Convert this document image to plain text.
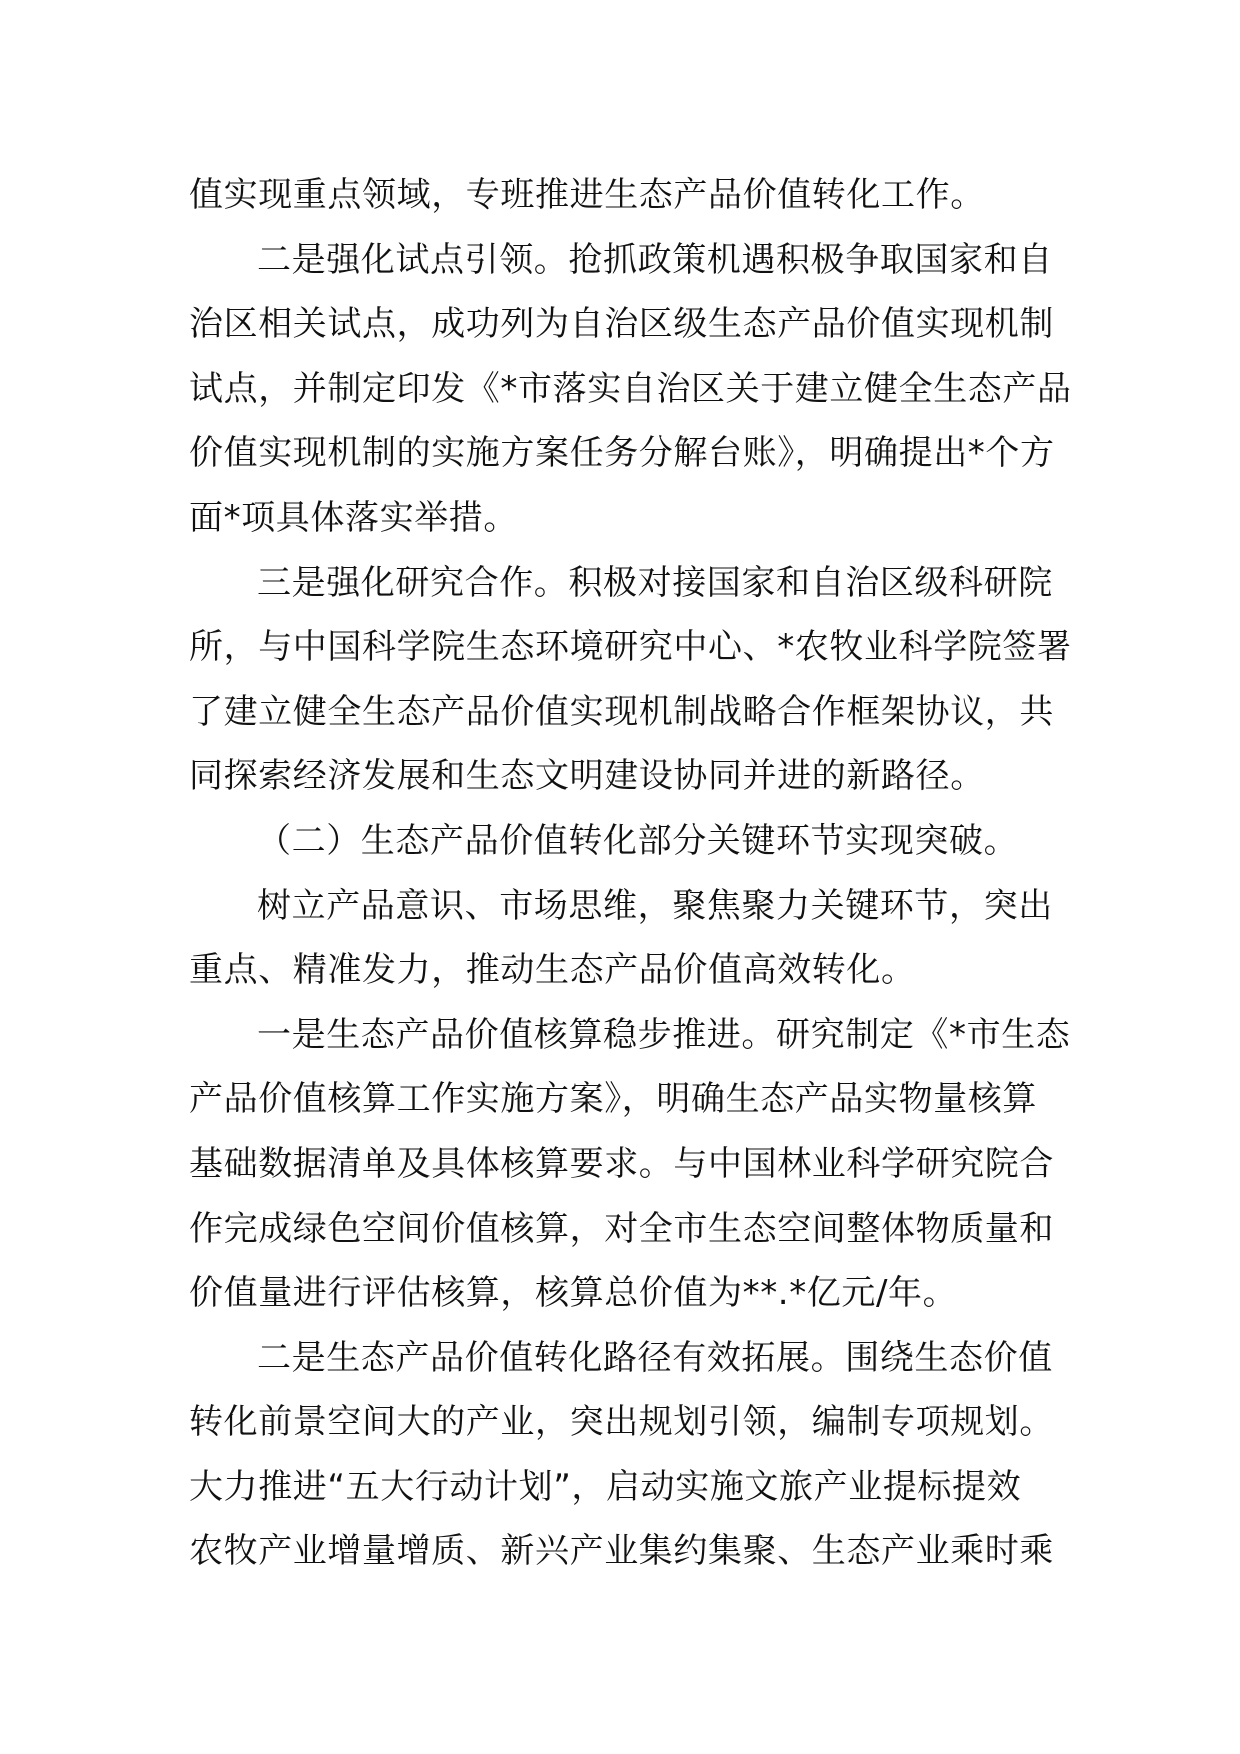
值实现重点领域，专班推进生态产品价值转化工作。
二是强化试点引领。抢抓政策机遇积极争取国家和自
治区相关试点，成功列为自治区级生态产品价值实现机制
试点，并制定印发《*市落实自治区关于建立健全生态产品
价值实现机制的实施方案任务分解台账》，明确提出*个方
面*项具体落实举措。
三是强化研究合作。积极对接国家和自治区级科研院
所，与中国科学院生态环境研究中心、*农牧业科学院签署
了建立健全生态产品价值实现机制战略合作框架协议，共
同探索经济发展和生态文明建设协同并进的新路径。
（二）生态产品价值转化部分关键环节实现突破。
树立产品意识、市场思维，聚焦聚力关键环节，突出
重点、精准发力，推动生态产品价值高效转化。
一是生态产品价值核算稳步推进。研究制定《*市生态
产品价值核算工作实施方案》，明确生态产品实物量核算
基础数据清单及具体核算要求。与中国林业科学研究院合
作完成绿色空间价值核算，对全市生态空间整体物质量和
价值量进行评估核算，核算总价值为**.*亿元/年。
二是生态产品价值转化路径有效拓展。围绕生态价值
转化前景空间大的产业，突出规划引领，编制专项规划。
大力推进“五大行动计划”，启动实施文旅产业提标提效
农牧产业增量增质、新兴产业集约集聚、生态产业乘时乘
